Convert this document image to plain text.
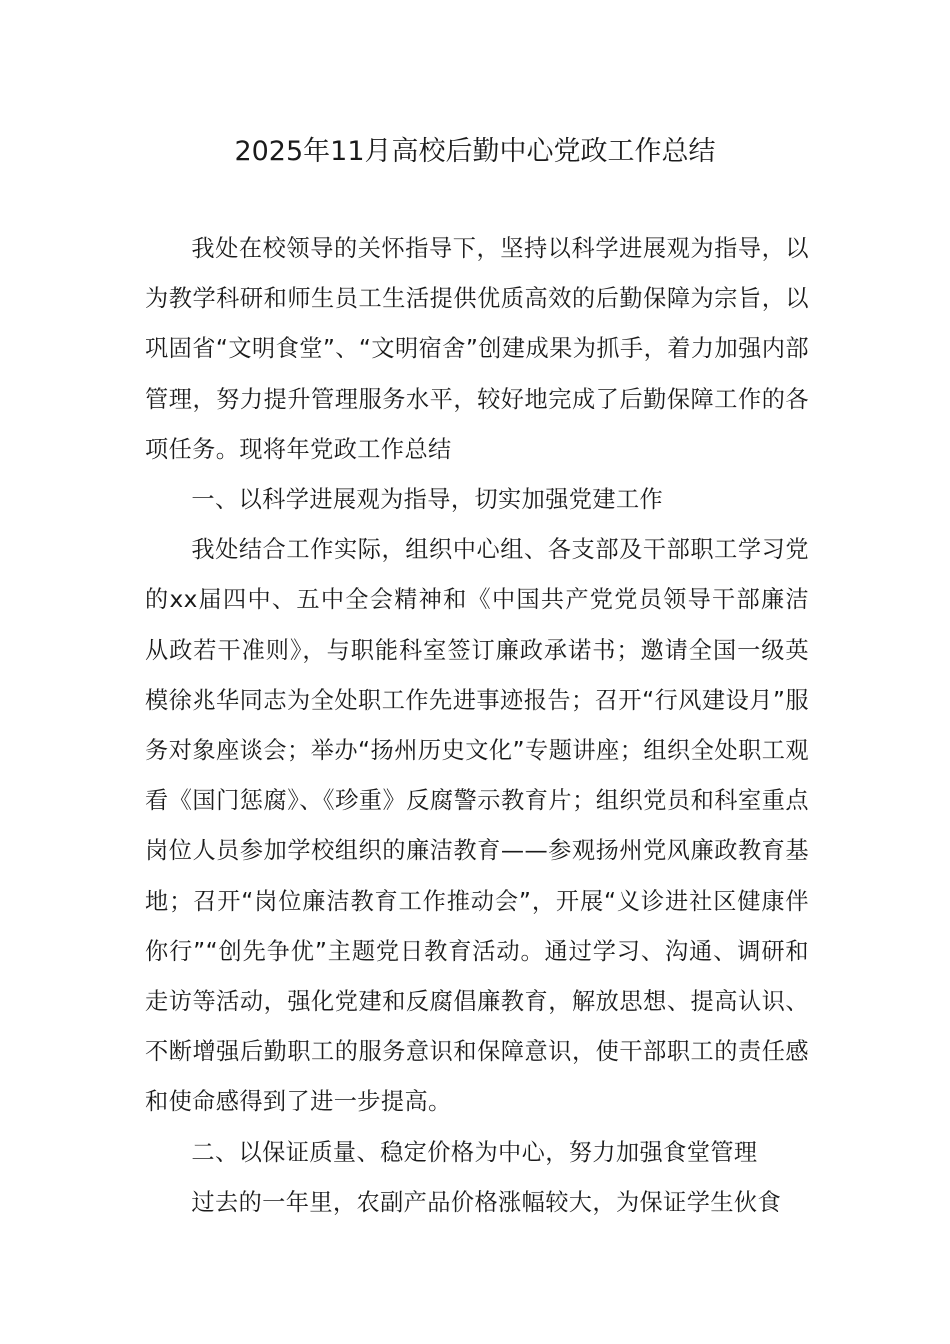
2025年11月高校后勤中心党政工作总结

我处在校领导的关怀指导下，坚持以科学进展观为指导，以为教学科研和师生员工生活提供优质高效的后勤保障为宗旨，以巩固省“文明食堂”、“文明宿舍”创建成果为抓手，着力加强内部管理，努力提升管理服务水平，较好地完成了后勤保障工作的各项任务。现将年党政工作总结

一、以科学进展观为指导，切实加强党建工作

我处结合工作实际，组织中心组、各支部及干部职工学习党的xx届四中、五中全会精神和《中国共产党党员领导干部廉洁从政若干准则》，与职能科室签订廉政承诺书；邀请全国一级英模徐兆华同志为全处职工作先进事迹报告；召开“行风建设月”服务对象座谈会；举办“扬州历史文化”专题讲座；组织全处职工观看《国门惩腐》、《珍重》反腐警示教育片；组织党员和科室重点岗位人员参加学校组织的廉洁教育——参观扬州党风廉政教育基地；召开“岗位廉洁教育工作推动会”，开展“义诊进社区健康伴你行”“创先争优”主题党日教育活动。通过学习、沟通、调研和走访等活动，强化党建和反腐倡廉教育，解放思想、提高认识、不断增强后勤职工的服务意识和保障意识，使干部职工的责任感和使命感得到了进一步提高。

二、以保证质量、稳定价格为中心，努力加强食堂管理

过去的一年里，农副产品价格涨幅较大，为保证学生伙食
